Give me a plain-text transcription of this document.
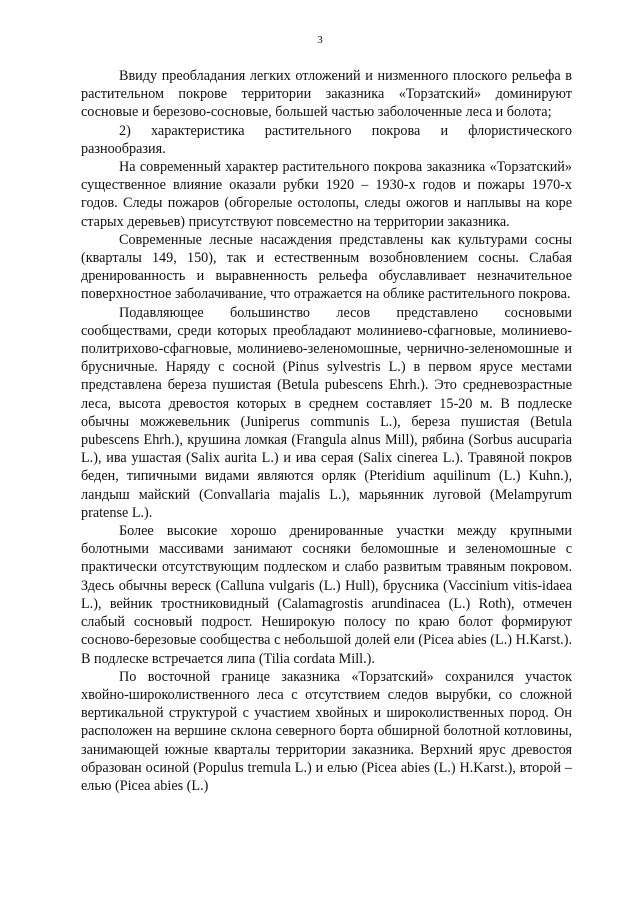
3

Ввиду преобладания легких отложений и низменного плоского рельефа в растительном покрове территории заказника «Торзатский» доминируют сосновые и березово-сосновые, большей частью заболоченные леса и болота;

2) характеристика растительного покрова и флористического разнообразия.

На современный характер растительного покрова заказника «Торзатский» существенное влияние оказали рубки 1920 – 1930-х годов и пожары 1970-х годов. Следы пожаров (обгорелые остолопы, следы ожогов и наплывы на коре старых деревьев) присутствуют повсеместно на территории заказника.

Современные лесные насаждения представлены как культурами сосны (кварталы 149, 150), так и естественным возобновлением сосны. Слабая дренированность и выравненность рельефа обуславливает незначительное поверхностное заболачивание, что отражается на облике растительного покрова.

Подавляющее большинство лесов представлено сосновыми сообществами, среди которых преобладают молиниево-сфагновые, молиниево-политрихово-сфагновые, молиниево-зеленомошные, чернично-зеленомошные и брусничные. Наряду с сосной (Pinus sylvestris L.) в первом ярусе местами представлена береза пушистая (Betula pubescens Ehrh.). Это средневозрастные леса, высота древостоя которых в среднем составляет 15-20 м. В подлеске обычны можжевельник (Juniperus communis L.), береза пушистая (Betula pubescens Ehrh.), крушина ломкая (Frangula alnus Mill), рябина (Sorbus aucuparia L.), ива ушастая (Salix aurita L.) и ива серая (Salix cinerea L.). Травяной покров беден, типичными видами являются орляк (Pteridium aquilinum (L.) Kuhn.), ландыш майский (Convallaria majalis L.), марьянник луговой (Melampyrum pratense L.).

Более высокие хорошо дренированные участки между крупными болотными массивами занимают сосняки беломошные и зеленомошные с практически отсутствующим подлеском и слабо развитым травяным покровом. Здесь обычны вереск (Calluna vulgaris (L.) Hull), брусника (Vaccinium vitis-idaea L.), вейник тростниковидный (Calamagrostis arundinacea (L.) Roth), отмечен слабый сосновый подрост. Неширокую полосу по краю болот формируют сосново-березовые сообщества с небольшой долей ели (Picea abies (L.) H.Karst.). В подлеске встречается липа (Tilia cordata Mill.).

По восточной границе заказника «Торзатский» сохранился участок хвойно-широколиственного леса с отсутствием следов вырубки, со сложной вертикальной структурой с участием хвойных и широколиственных пород. Он расположен на вершине склона северного борта обширной болотной котловины, занимающей южные кварталы территории заказника. Верхний ярус древостоя образован осиной (Populus tremula L.) и елью (Picea abies (L.) H.Karst.), второй – елью (Picea abies (L.)
